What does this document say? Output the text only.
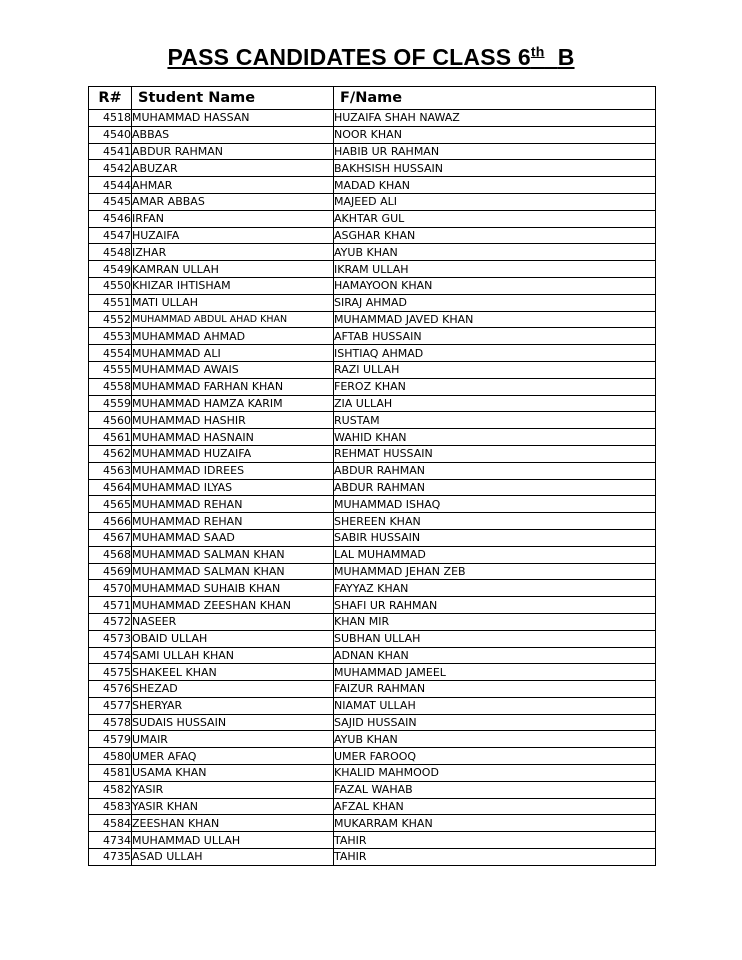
PASS CANDIDATES OF CLASS 6th B
R#	Student Name	F/Name
4518	MUHAMMAD HASSAN	HUZAIFA SHAH NAWAZ
4540	ABBAS	NOOR KHAN
4541	ABDUR RAHMAN	HABIB UR RAHMAN
4542	ABUZAR	BAKHSISH HUSSAIN
4544	AHMAR	MADAD KHAN
4545	AMAR ABBAS	MAJEED ALI
4546	IRFAN	AKHTAR GUL
4547	HUZAIFA	ASGHAR KHAN
4548	IZHAR	AYUB KHAN
4549	KAMRAN ULLAH	IKRAM ULLAH
4550	KHIZAR IHTISHAM	HAMAYOON KHAN
4551	MATI ULLAH	SIRAJ AHMAD
4552	MUHAMMAD ABDUL AHAD KHAN	MUHAMMAD JAVED KHAN
4553	MUHAMMAD AHMAD	AFTAB HUSSAIN
4554	MUHAMMAD ALI	ISHTIAQ AHMAD
4555	MUHAMMAD AWAIS	RAZI ULLAH
4558	MUHAMMAD FARHAN KHAN	FEROZ KHAN
4559	MUHAMMAD HAMZA KARIM	ZIA ULLAH
4560	MUHAMMAD HASHIR	RUSTAM
4561	MUHAMMAD HASNAIN	WAHID KHAN
4562	MUHAMMAD HUZAIFA	REHMAT HUSSAIN
4563	MUHAMMAD IDREES	ABDUR RAHMAN
4564	MUHAMMAD ILYAS	ABDUR RAHMAN
4565	MUHAMMAD REHAN	MUHAMMAD ISHAQ
4566	MUHAMMAD REHAN	SHEREEN KHAN
4567	MUHAMMAD SAAD	SABIR HUSSAIN
4568	MUHAMMAD SALMAN KHAN	LAL MUHAMMAD
4569	MUHAMMAD SALMAN KHAN	MUHAMMAD JEHAN ZEB
4570	MUHAMMAD SUHAIB KHAN	FAYYAZ KHAN
4571	MUHAMMAD ZEESHAN KHAN	SHAFI UR RAHMAN
4572	NASEER	KHAN MIR
4573	OBAID ULLAH	SUBHAN ULLAH
4574	SAMI ULLAH KHAN	ADNAN KHAN
4575	SHAKEEL KHAN	MUHAMMAD JAMEEL
4576	SHEZAD	FAIZUR RAHMAN
4577	SHERYAR	NIAMAT ULLAH
4578	SUDAIS HUSSAIN	SAJID HUSSAIN
4579	UMAIR	AYUB KHAN
4580	UMER AFAQ	UMER FAROOQ
4581	USAMA KHAN	KHALID MAHMOOD
4582	YASIR	FAZAL WAHAB
4583	YASIR KHAN	AFZAL KHAN
4584	ZEESHAN KHAN	MUKARRAM KHAN
4734	MUHAMMAD ULLAH	TAHIR
4735	ASAD ULLAH	TAHIR
